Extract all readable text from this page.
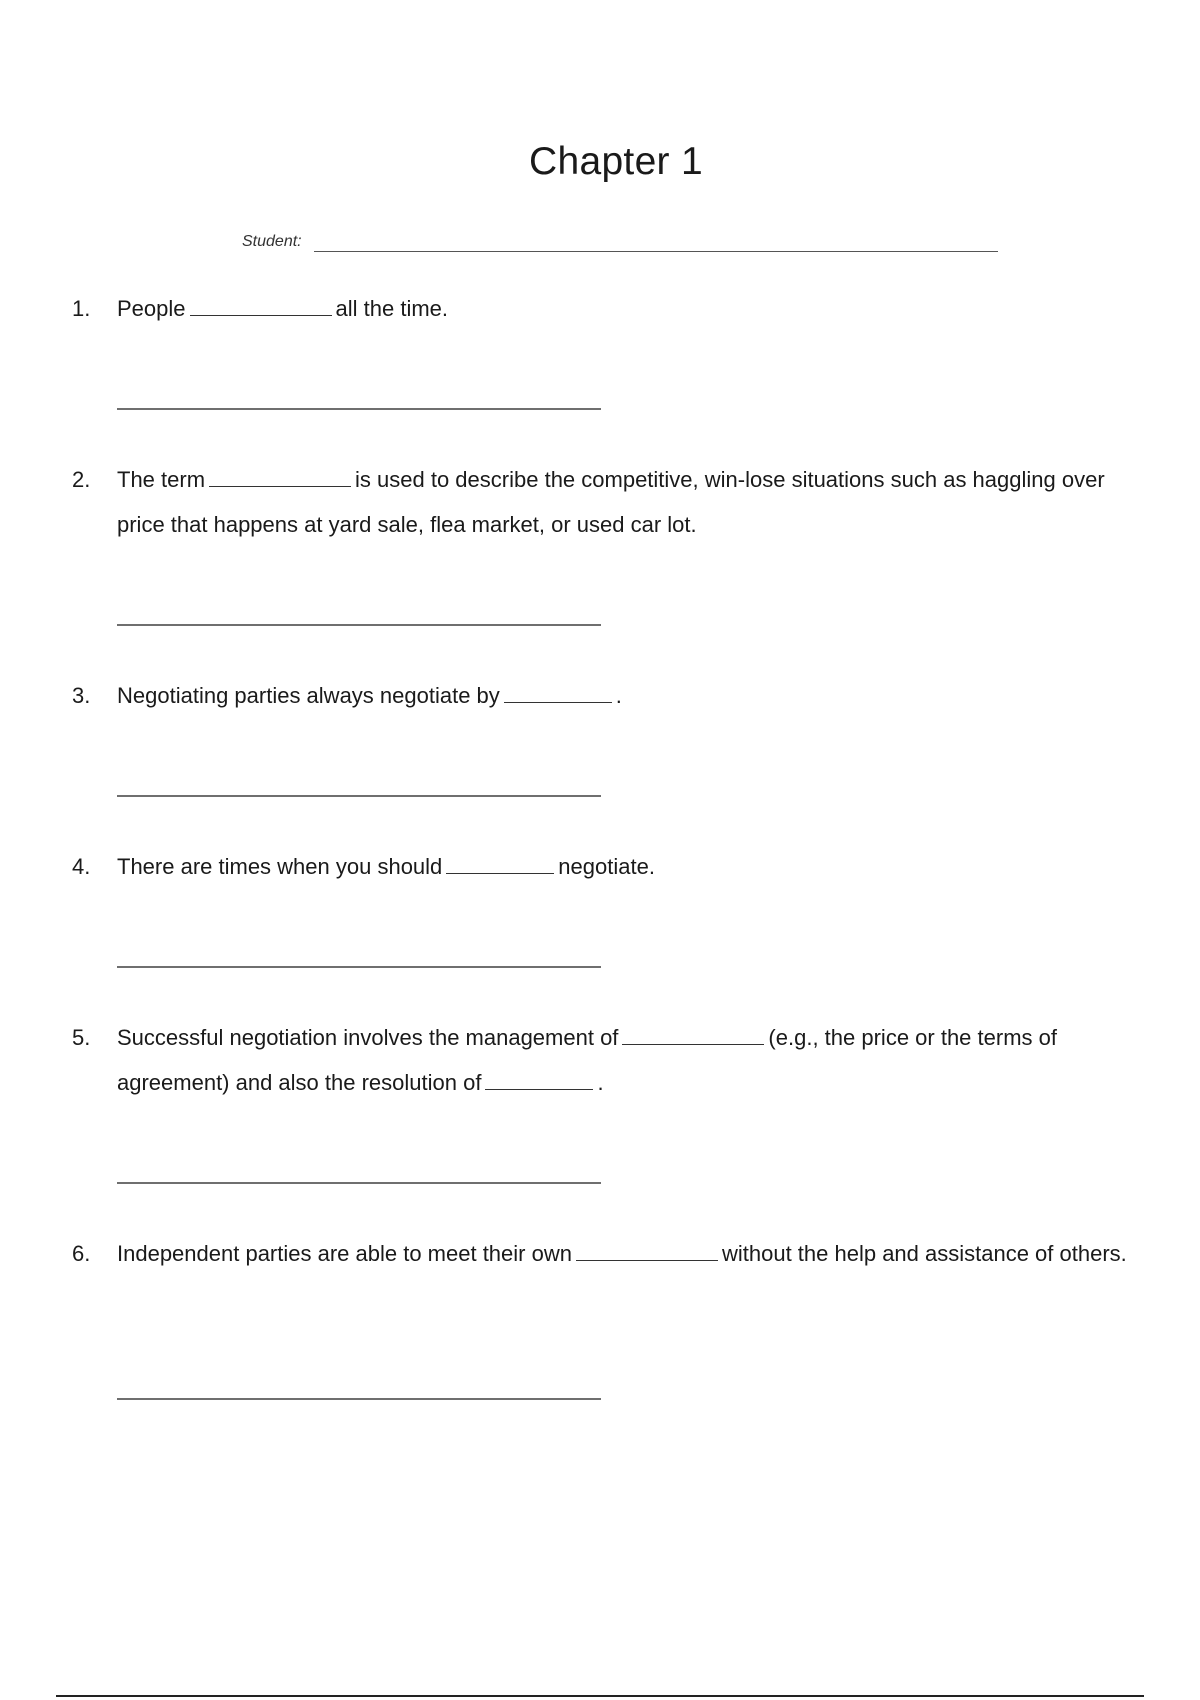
Chapter 1
Student:
1.	People	all the time.
2.	The term	is used to describe the competitive, win-lose situations such as haggling over price that happens at yard sale, flea market, or used car lot.
3.	Negotiating parties always negotiate by	.
4.	There are times when you should	negotiate.
5.	Successful negotiation involves the management of	(e.g., the price or the terms of agreement) and also the resolution of	.
6.	Independent parties are able to meet their own	without the help and assistance of others.
